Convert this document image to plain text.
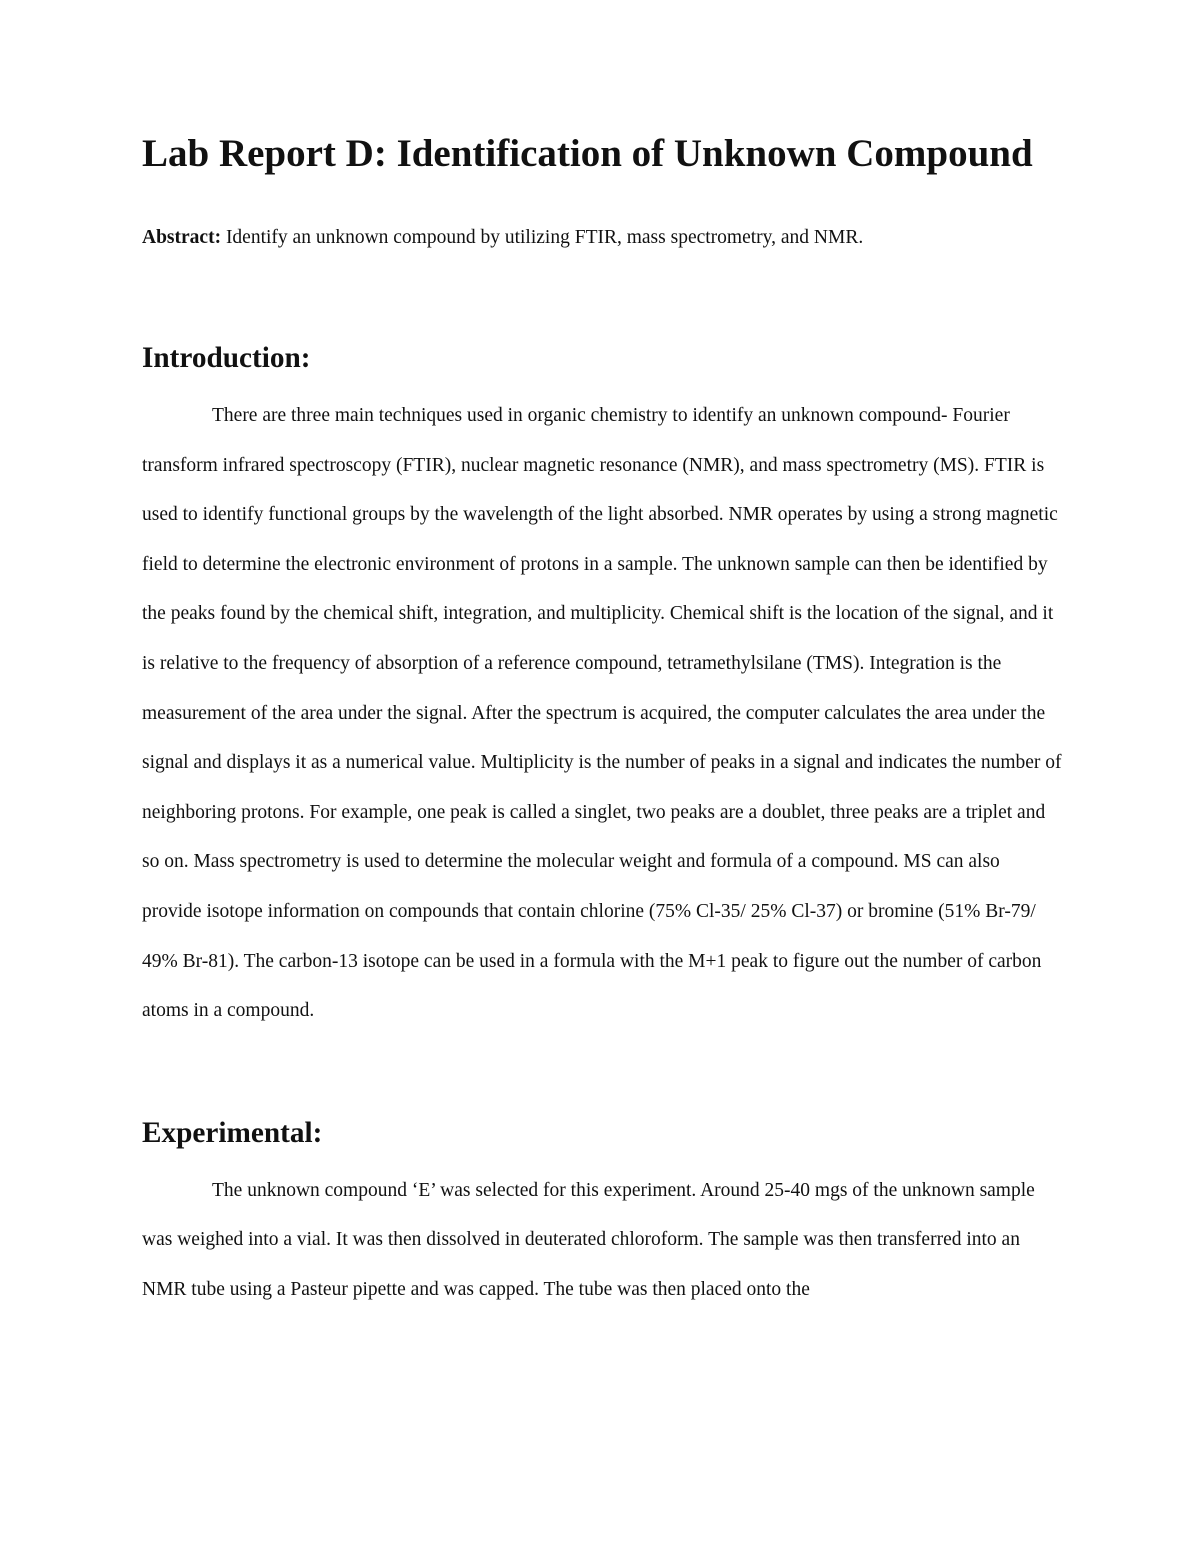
Lab Report D: Identification of Unknown Compound

Abstract: Identify an unknown compound by utilizing FTIR, mass spectrometry, and NMR.

Introduction:

There are three main techniques used in organic chemistry to identify an unknown compound- Fourier transform infrared spectroscopy (FTIR), nuclear magnetic resonance (NMR), and mass spectrometry (MS). FTIR is used to identify functional groups by the wavelength of the light absorbed. NMR operates by using a strong magnetic field to determine the electronic environment of protons in a sample. The unknown sample can then be identified by the peaks found by the chemical shift, integration, and multiplicity. Chemical shift is the location of the signal, and it is relative to the frequency of absorption of a reference compound, tetramethylsilane (TMS). Integration is the measurement of the area under the signal. After the spectrum is acquired, the computer calculates the area under the signal and displays it as a numerical value. Multiplicity is the number of peaks in a signal and indicates the number of neighboring protons. For example, one peak is called a singlet, two peaks are a doublet, three peaks are a triplet and so on. Mass spectrometry is used to determine the molecular weight and formula of a compound. MS can also provide isotope information on compounds that contain chlorine (75% Cl-35/ 25% Cl-37) or bromine (51% Br-79/ 49% Br-81). The carbon-13 isotope can be used in a formula with the M+1 peak to figure out the number of carbon atoms in a compound.

Experimental:

The unknown compound ‘E’ was selected for this experiment. Around 25-40 mgs of the unknown sample was weighed into a vial. It was then dissolved in deuterated chloroform. The sample was then transferred into an NMR tube using a Pasteur pipette and was capped. The tube was then placed onto the
